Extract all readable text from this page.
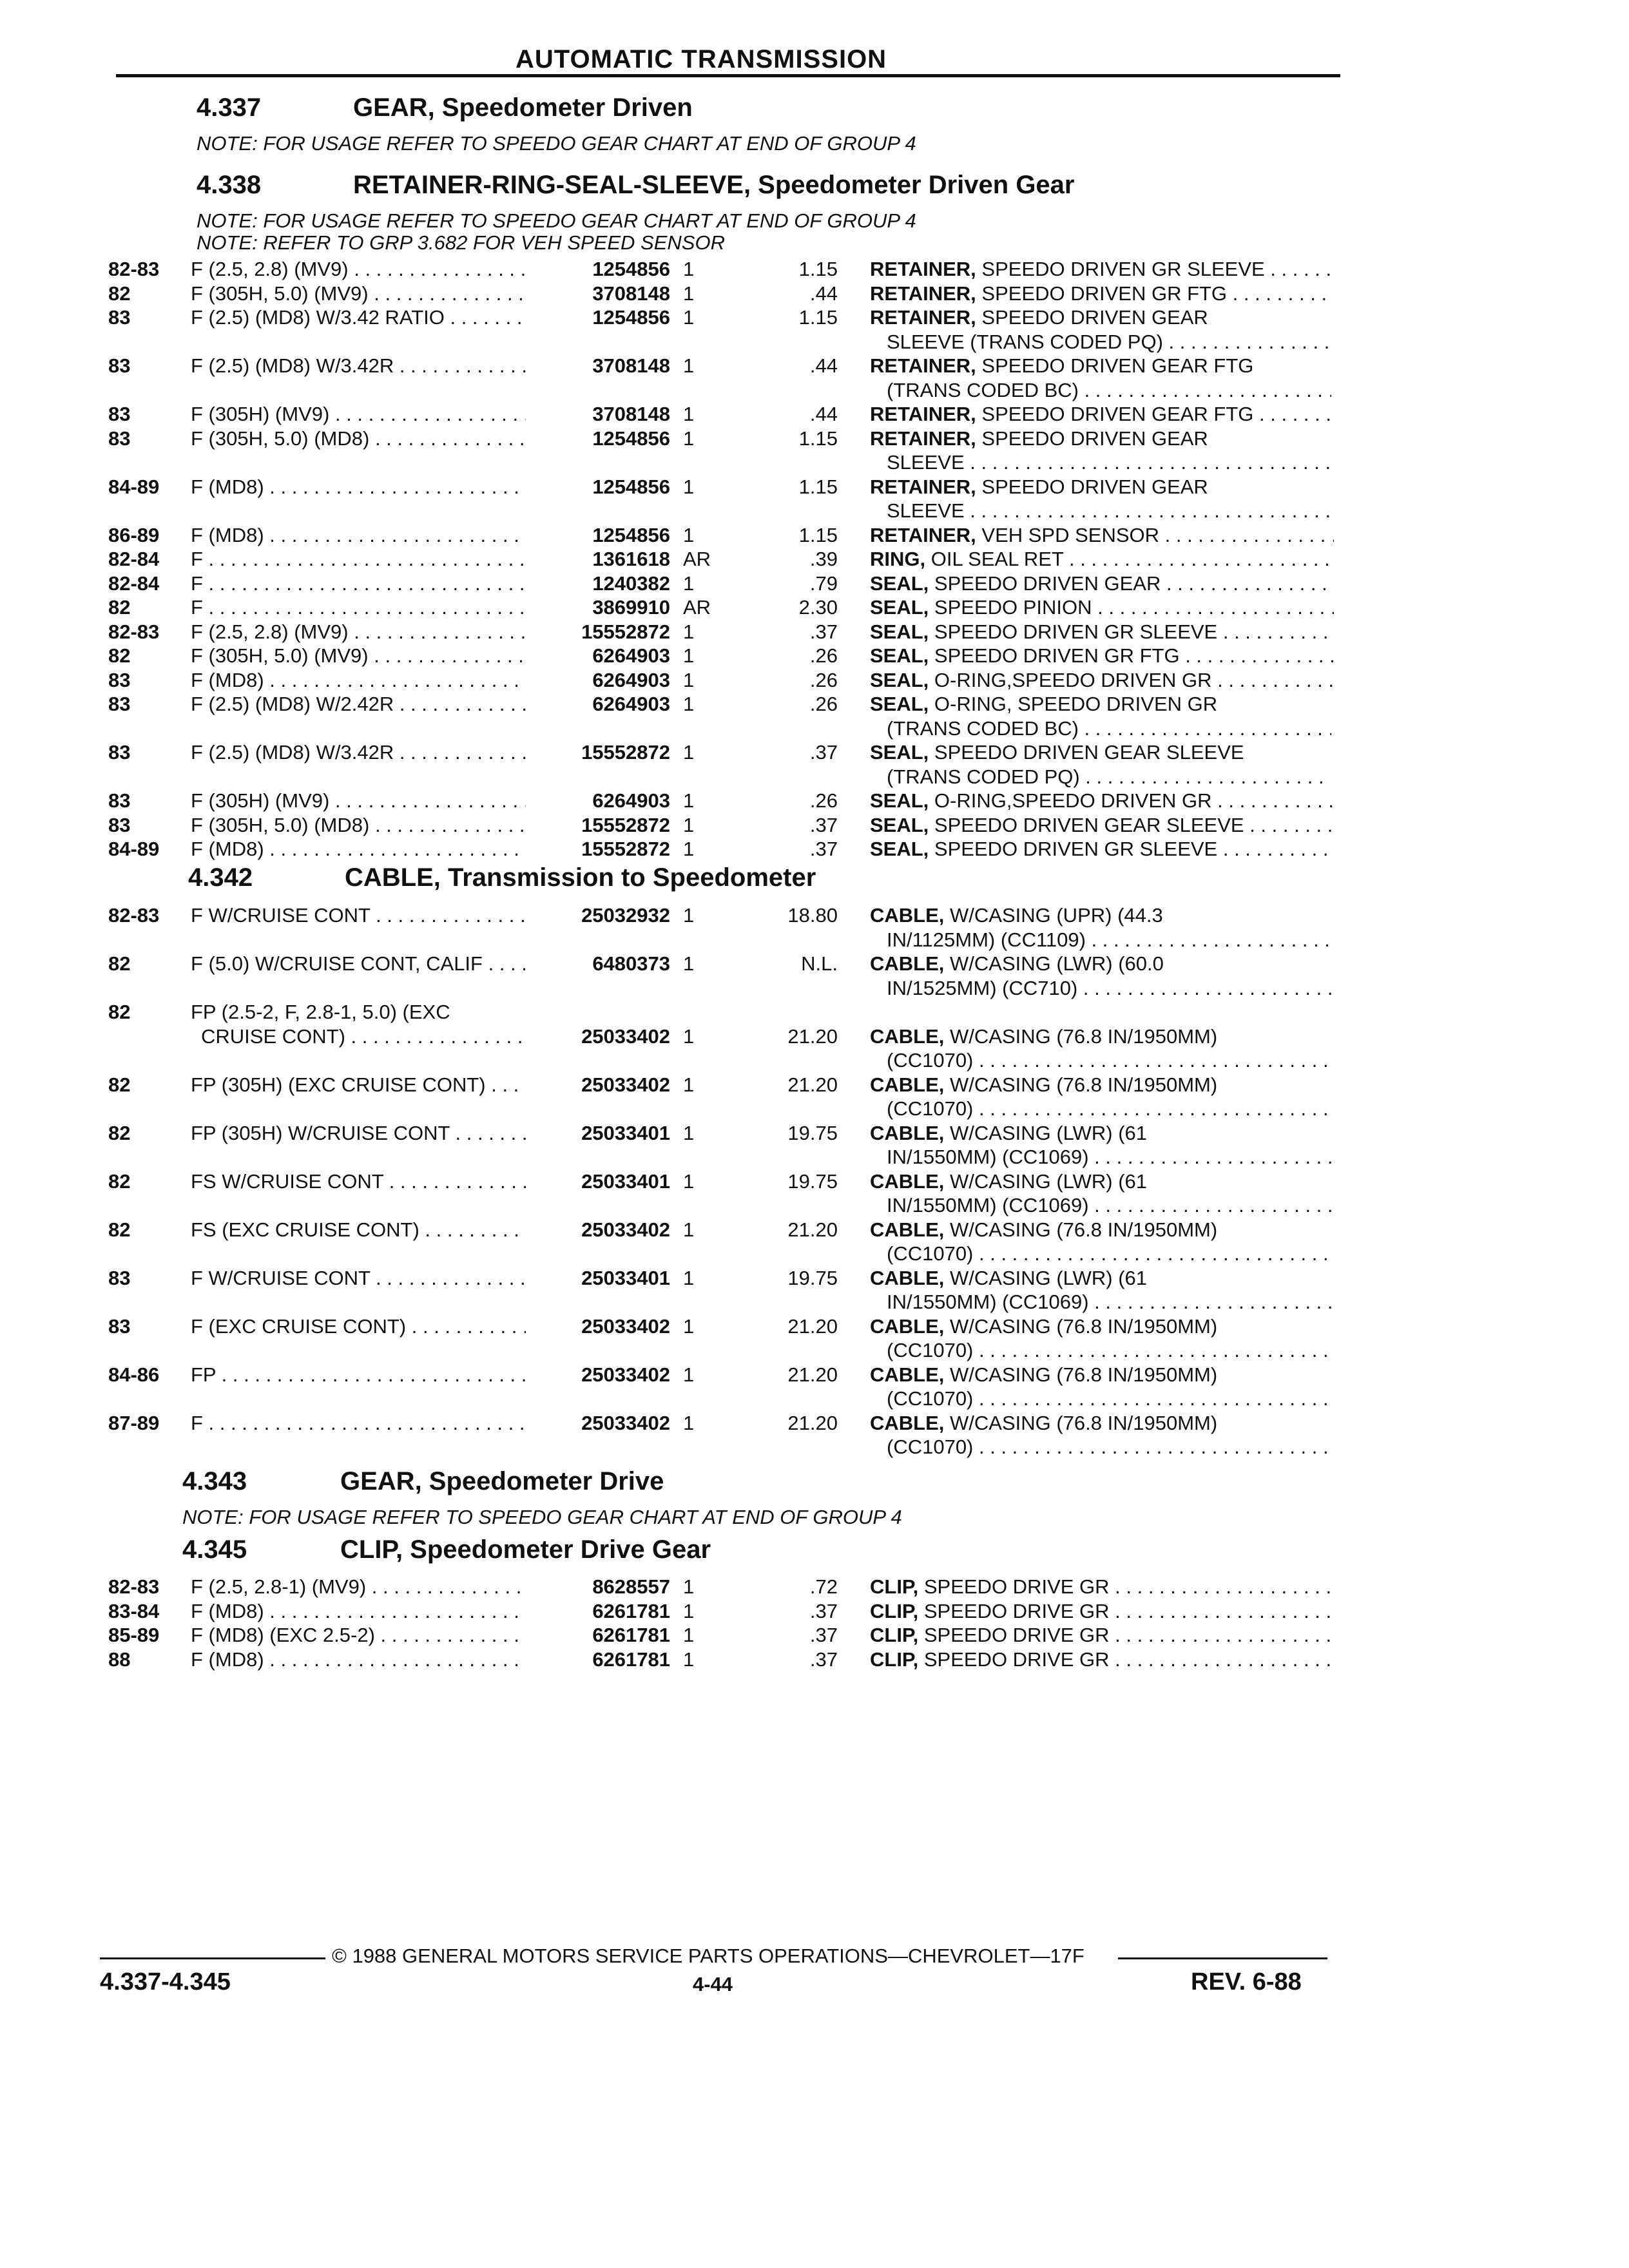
AUTOMATIC TRANSMISSION
4.337	GEAR, Speedometer Driven
NOTE: FOR USAGE REFER TO SPEEDO GEAR CHART AT END OF GROUP 4
4.338	RETAINER-RING-SEAL-SLEEVE, Speedometer Driven Gear
NOTE: FOR USAGE REFER TO SPEEDO GEAR CHART AT END OF GROUP 4
NOTE: REFER TO GRP 3.682 FOR VEH SPEED SENSOR
82-83 F (2.5, 2.8) (MV9) . . .	1254856 1	1.15 RETAINER, SPEEDO DRIVEN GR SLEEVE . . .
82	F (305H, 5.0) (MV9) . . .	3708148 1	.44 RETAINER, SPEEDO DRIVEN GR FTG . . .
83	F (2.5) (MD8) W/3.42 RATIO . . .	1254856 1	1.15 RETAINER, SPEEDO DRIVEN GEAR
SLEEVE (TRANS CODED PQ) . . .
83	F (2.5) (MD8) W/3.42R . . .	3708148 1	.44 RETAINER, SPEEDO DRIVEN GEAR FTG
(TRANS CODED BC) . . .
83	F (305H) (MV9) . . .	3708148 1	.44 RETAINER, SPEEDO DRIVEN GEAR FTG . . .
83	F (305H, 5.0) (MD8) . . .	1254856 1	1.15 RETAINER, SPEEDO DRIVEN GEAR
SLEEVE . . .
84-89 F (MD8) . . .	1254856 1	1.15 RETAINER, SPEEDO DRIVEN GEAR
SLEEVE . . .
86-89 F (MD8) . . .	1254856 1	1.15 RETAINER, VEH SPD SENSOR . . .
82-84 F . . .	1361618 AR	.39 RING, OIL SEAL RET . . .
82-84 F . . .	1240382 1	.79 SEAL, SPEEDO DRIVEN GEAR . . .
82	F . . .	3869910 AR	2.30 SEAL, SPEEDO PINION . . .
82-83 F (2.5, 2.8) (MV9) . . .	15552872 1	.37 SEAL, SPEEDO DRIVEN GR SLEEVE . . .
82	F (305H, 5.0) (MV9) . . .	6264903 1	.26 SEAL, SPEEDO DRIVEN GR FTG . . .
83	F (MD8) . . .	6264903 1	.26 SEAL, O-RING,SPEEDO DRIVEN GR . . .
83	F (2.5) (MD8) W/2.42R . . .	6264903 1	.26 SEAL, O-RING, SPEEDO DRIVEN GR
(TRANS CODED BC) . . .
83	F (2.5) (MD8) W/3.42R . . .	15552872 1	.37 SEAL, SPEEDO DRIVEN GEAR SLEEVE
(TRANS CODED PQ) . . .
83	F (305H) (MV9) . . .	6264903 1	.26 SEAL, O-RING,SPEEDO DRIVEN GR . . .
83	F (305H, 5.0) (MD8) . . .	15552872 1	.37 SEAL, SPEEDO DRIVEN GEAR SLEEVE . . .
84-89 F (MD8) . . .	15552872 1	.37 SEAL, SPEEDO DRIVEN GR SLEEVE . . .
4.342	CABLE, Transmission to Speedometer
82-83 F W/CRUISE CONT . . .	25032932 1	18.80 CABLE, W/CASING (UPR) (44.3
IN/1125MM) (CC1109) . . .
82	F (5.0) W/CRUISE CONT, CALIF . . .	6480373 1	N.L. CABLE, W/CASING (LWR) (60.0
IN/1525MM) (CC710) . . .
82	FP (2.5-2, F, 2.8-1, 5.0) (EXC
CRUISE CONT) . . .	25033402 1	21.20 CABLE, W/CASING (76.8 IN/1950MM)
(CC1070) . . .
82	FP (305H) (EXC CRUISE CONT) . . .	25033402 1	21.20 CABLE, W/CASING (76.8 IN/1950MM)
(CC1070) . . .
82	FP (305H) W/CRUISE CONT . . .	25033401 1	19.75 CABLE, W/CASING (LWR) (61
IN/1550MM) (CC1069) . . .
82	FS W/CRUISE CONT . . .	25033401 1	19.75 CABLE, W/CASING (LWR) (61
IN/1550MM) (CC1069) . . .
82	FS (EXC CRUISE CONT) . . .	25033402 1	21.20 CABLE, W/CASING (76.8 IN/1950MM)
(CC1070) . . .
83	F W/CRUISE CONT . . .	25033401 1	19.75 CABLE, W/CASING (LWR) (61
IN/1550MM) (CC1069) . . .
83	F (EXC CRUISE CONT) . . .	25033402 1	21.20 CABLE, W/CASING (76.8 IN/1950MM)
(CC1070) . . .
84-86 FP . . .	25033402 1	21.20 CABLE, W/CASING (76.8 IN/1950MM)
(CC1070) . . .
87-89 F . . .	25033402 1	21.20 CABLE, W/CASING (76.8 IN/1950MM)
(CC1070) . . .
4.343	GEAR, Speedometer Drive
NOTE: FOR USAGE REFER TO SPEEDO GEAR CHART AT END OF GROUP 4
4.345	CLIP, Speedometer Drive Gear
82-83 F (2.5, 2.8-1) (MV9) . . .	8628557 1	.72 CLIP, SPEEDO DRIVE GR . . .
83-84 F (MD8) . . .	6261781 1	.37 CLIP, SPEEDO DRIVE GR . . .
85-89 F (MD8) (EXC 2.5-2) . . .	6261781 1	.37 CLIP, SPEEDO DRIVE GR . . .
88	F (MD8) . . .	6261781 1	.37 CLIP, SPEEDO DRIVE GR . . .
© 1988 GENERAL MOTORS SERVICE PARTS OPERATIONS—CHEVROLET—17F
4.337-4.345	4-44	REV. 6-88
